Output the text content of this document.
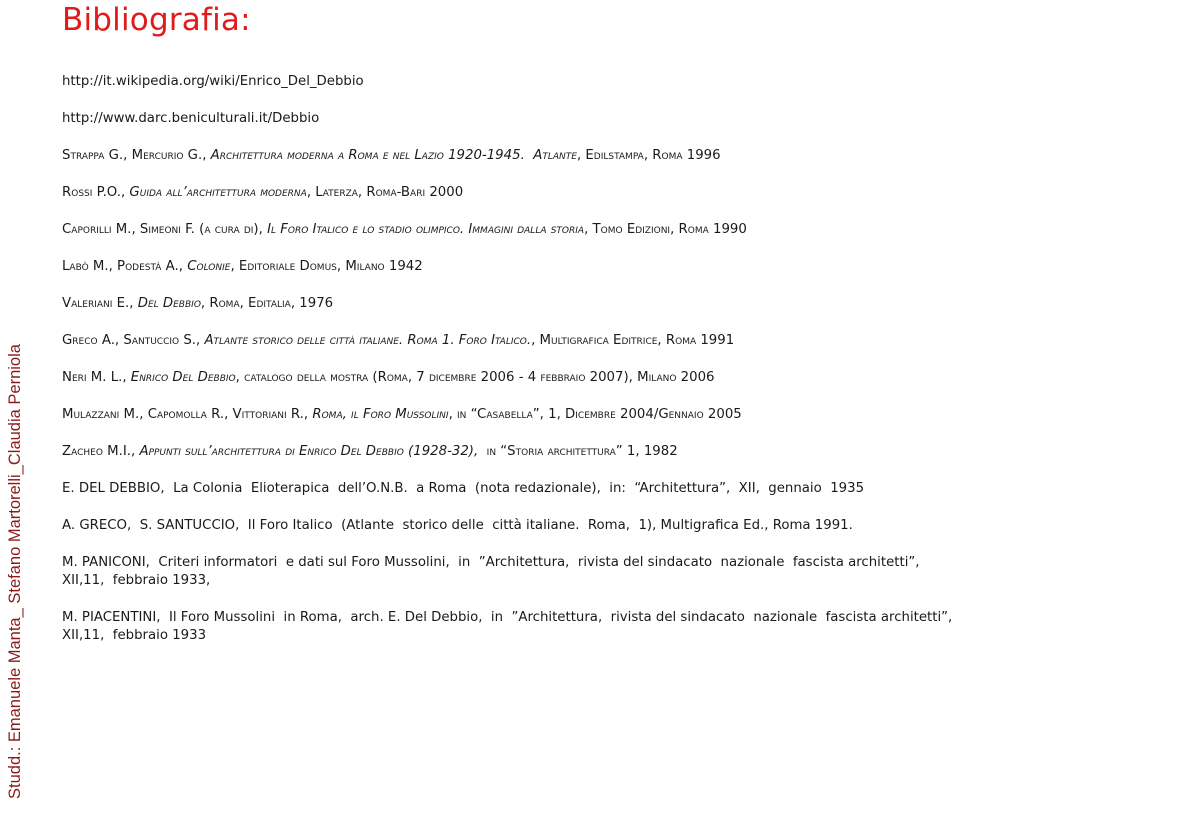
Bibliografia:
Studd.: Emanuele Manta_ Stefano Martorelli_Claudia Perniola
http://it.wikipedia.org/wiki/Enrico_Del_Debbio
http://www.darc.beniculturali.it/Debbio
Strappa G., Mercurio G., Architettura moderna a Roma e nel Lazio 1920-1945.  Atlante, Edilstampa, Roma 1996
Rossi P.O., Guida all’architettura moderna, Laterza, Roma-Bari 2000
Caporilli M., Simeoni F. (a cura di), Il Foro Italico e lo stadio olimpico. Immagini dalla storia, Tomo Edizioni, Roma 1990
Labò M., Podestà A., Colonie, Editoriale Domus, Milano 1942
Valeriani E., Del Debbio, Roma, Editalia, 1976
Greco A., Santuccio S., Atlante storico delle città italiane. Roma 1. Foro Italico., Multigrafica Editrice, Roma 1991
Neri M. L., Enrico Del Debbio, catalogo della mostra (Roma, 7 dicembre 2006 - 4 febbraio 2007), Milano 2006
Mulazzani M., Capomolla R., Vittoriani R., Roma, il Foro Mussolini, in “Casabella”, 1, Dicembre 2004/Gennaio 2005
Zacheo M.I., Appunti sull’architettura di Enrico Del Debbio (1928-32),  in “Storia architettura” 1, 1982
E. DEL DEBBIO,  La Colonia  Elioterapica  dell’O.N.B.  a Roma  (nota redazionale),  in:  “Architettura”,  XII,  gennaio  1935
A. GRECO,  S. SANTUCCIO,  Il Foro Italico  (Atlante  storico delle  città italiane.  Roma,  1), Multigrafica Ed., Roma 1991.
M. PANICONI,  Criteri informatori  e dati sul Foro Mussolini,  in  ”Architettura,  rivista del sindacato  nazionale  fascista architetti”,
XII,11,  febbraio 1933,
M. PIACENTINI,  Il Foro Mussolini  in Roma,  arch. E. Del Debbio,  in  ”Architettura,  rivista del sindacato  nazionale  fascista architetti”,
XII,11,  febbraio 1933
